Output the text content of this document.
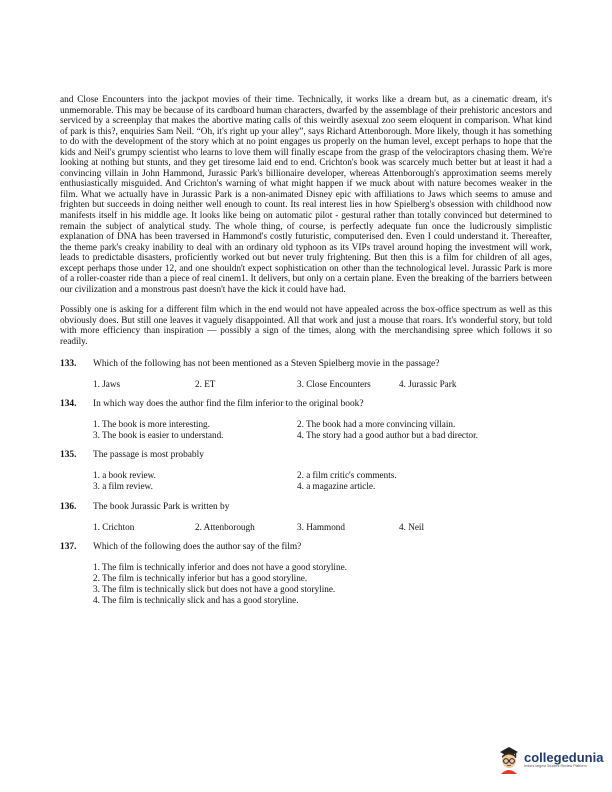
and Close Encounters into the jackpot movies of their time. Technically, it works like a dream but, as a cinematic dream, it's unmemorable. This may be because of its cardboard human characters, dwarfed by the assemblage of their prehistoric ancestors and serviced by a screenplay that makes the abortive mating calls of this weirdly asexual zoo seem eloquent in comparison. What kind of park is this?, enquiries Sam Neil. “Oh, it's right up your alley”, says Richard Attenborough. More likely, though it has something to do with the development of the story which at no point engages us properly on the human level, except perhaps to hope that the kids and Neil's grumpy scientist who learns to love them will finally escape from the grasp of the velociraptors chasing them. We're looking at nothing but stunts, and they get tiresome laid end to end. Crichton's book was scarcely much better but at least it had a convincing villain in John Hammond, Jurassic Park's billionaire developer, whereas Attenborough's approximation seems merely enthusiastically misguided. And Crichton's warning of what might happen if we muck about with nature becomes weaker in the film. What we actually have in Jurassic Park is a non-animated Disney epic with affiliations to Jaws which seems to amuse and frighten but succeeds in doing neither well enough to count. Its real interest lies in how Spielberg's obsession with childhood now manifests itself in his middle age. It looks like being on automatic pilot - gestural rather than totally convinced but determined to remain the subject of analytical study. The whole thing, of course, is perfectly adequate fun once the ludicrously simplistic explanation of DNA has been traversed in Hammond's costly futuristic, computerised den. Even I could understand it. Thereafter, the theme park's creaky inability to deal with an ordinary old typhoon as its VIPs travel around hoping the investment will work, leads to predictable disasters, proficiently worked out but never truly frightening. But then this is a film for children of all ages, except perhaps those under 12, and one shouldn't expect sophistication on other than the technological level. Jurassic Park is more of a roller-coaster ride than a piece of real cinem1. It delivers, but only on a certain plane. Even the breaking of the barriers between our civilization and a monstrous past doesn't have the kick it could have had.

Possibly one is asking for a different film which in the end would not have appealed across the box-office spectrum as well as this obviously does. But still one leaves it vaguely disappointed. All that work and just a mouse that roars. It's wonderful story, but told with more efficiency than inspiration — possibly a sign of the times, along with the merchandising spree which follows it so readily.

133.	Which of the following has not been mentioned as a Steven Spielberg movie in the passage?
1. Jaws	2. ET	3. Close Encounters	4. Jurassic Park
134.	In which way does the author find the film inferior to the original book?
1. The book is more interesting.	2. The book had a more convincing villain.
3. The book is easier to understand.	4. The story had a good author but a bad director.
135.	The passage is most probably
1. a book review.	2. a film critic's comments.
3. a film review.	4. a magazine article.
136.	The book Jurassic Park is written by
1. Crichton	2. Attenborough	3. Hammond	4. Neil
137.	Which of the following does the author say of the film?
1. The film is technically inferior and does not have a good storyline.
2. The film is technically inferior but has a good storyline.
3. The film is technically slick but does not have a good storyline.
4. The film is technically slick and has a good storyline.
collegedunia
India's largest Student Review Platform
